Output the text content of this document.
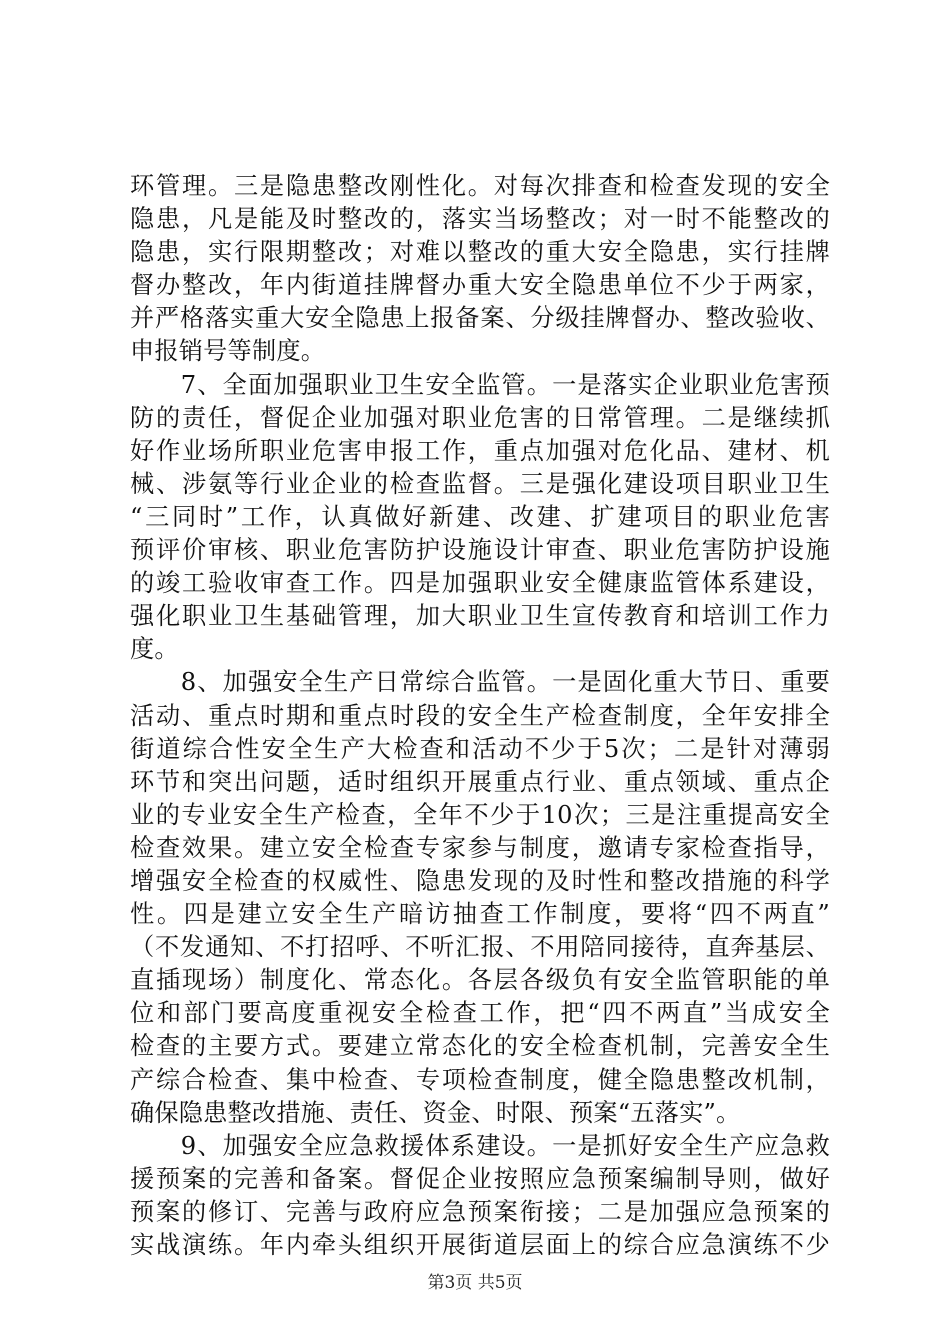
环管理。三是隐患整改刚性化。对每次排查和检查发现的安全
隐患，凡是能及时整改的，落实当场整改；对一时不能整改的
隐患，实行限期整改；对难以整改的重大安全隐患，实行挂牌
督办整改，年内街道挂牌督办重大安全隐患单位不少于两家，
并严格落实重大安全隐患上报备案、分级挂牌督办、整改验收、
申报销号等制度。
　　7、全面加强职业卫生安全监管。一是落实企业职业危害预
防的责任，督促企业加强对职业危害的日常管理。二是继续抓
好作业场所职业危害申报工作，重点加强对危化品、建材、机
械、涉氨等行业企业的检查监督。三是强化建设项目职业卫生
“三同时”工作，认真做好新建、改建、扩建项目的职业危害
预评价审核、职业危害防护设施设计审查、职业危害防护设施
的竣工验收审查工作。四是加强职业安全健康监管体系建设，
强化职业卫生基础管理，加大职业卫生宣传教育和培训工作力
度。
　　8、加强安全生产日常综合监管。一是固化重大节日、重要
活动、重点时期和重点时段的安全生产检查制度，全年安排全
街道综合性安全生产大检查和活动不少于5次；二是针对薄弱
环节和突出问题，适时组织开展重点行业、重点领域、重点企
业的专业安全生产检查，全年不少于10次；三是注重提高安全
检查效果。建立安全检查专家参与制度，邀请专家检查指导，
增强安全检查的权威性、隐患发现的及时性和整改措施的科学
性。四是建立安全生产暗访抽查工作制度，要将“四不两直”
（不发通知、不打招呼、不听汇报、不用陪同接待，直奔基层、
直插现场）制度化、常态化。各层各级负有安全监管职能的单
位和部门要高度重视安全检查工作，把“四不两直”当成安全
检查的主要方式。要建立常态化的安全检查机制，完善安全生
产综合检查、集中检查、专项检查制度，健全隐患整改机制，
确保隐患整改措施、责任、资金、时限、预案“五落实”。
　　9、加强安全应急救援体系建设。一是抓好安全生产应急救
援预案的完善和备案。督促企业按照应急预案编制导则，做好
预案的修订、完善与政府应急预案衔接；二是加强应急预案的
实战演练。年内牵头组织开展街道层面上的综合应急演练不少
第3页 共5页
